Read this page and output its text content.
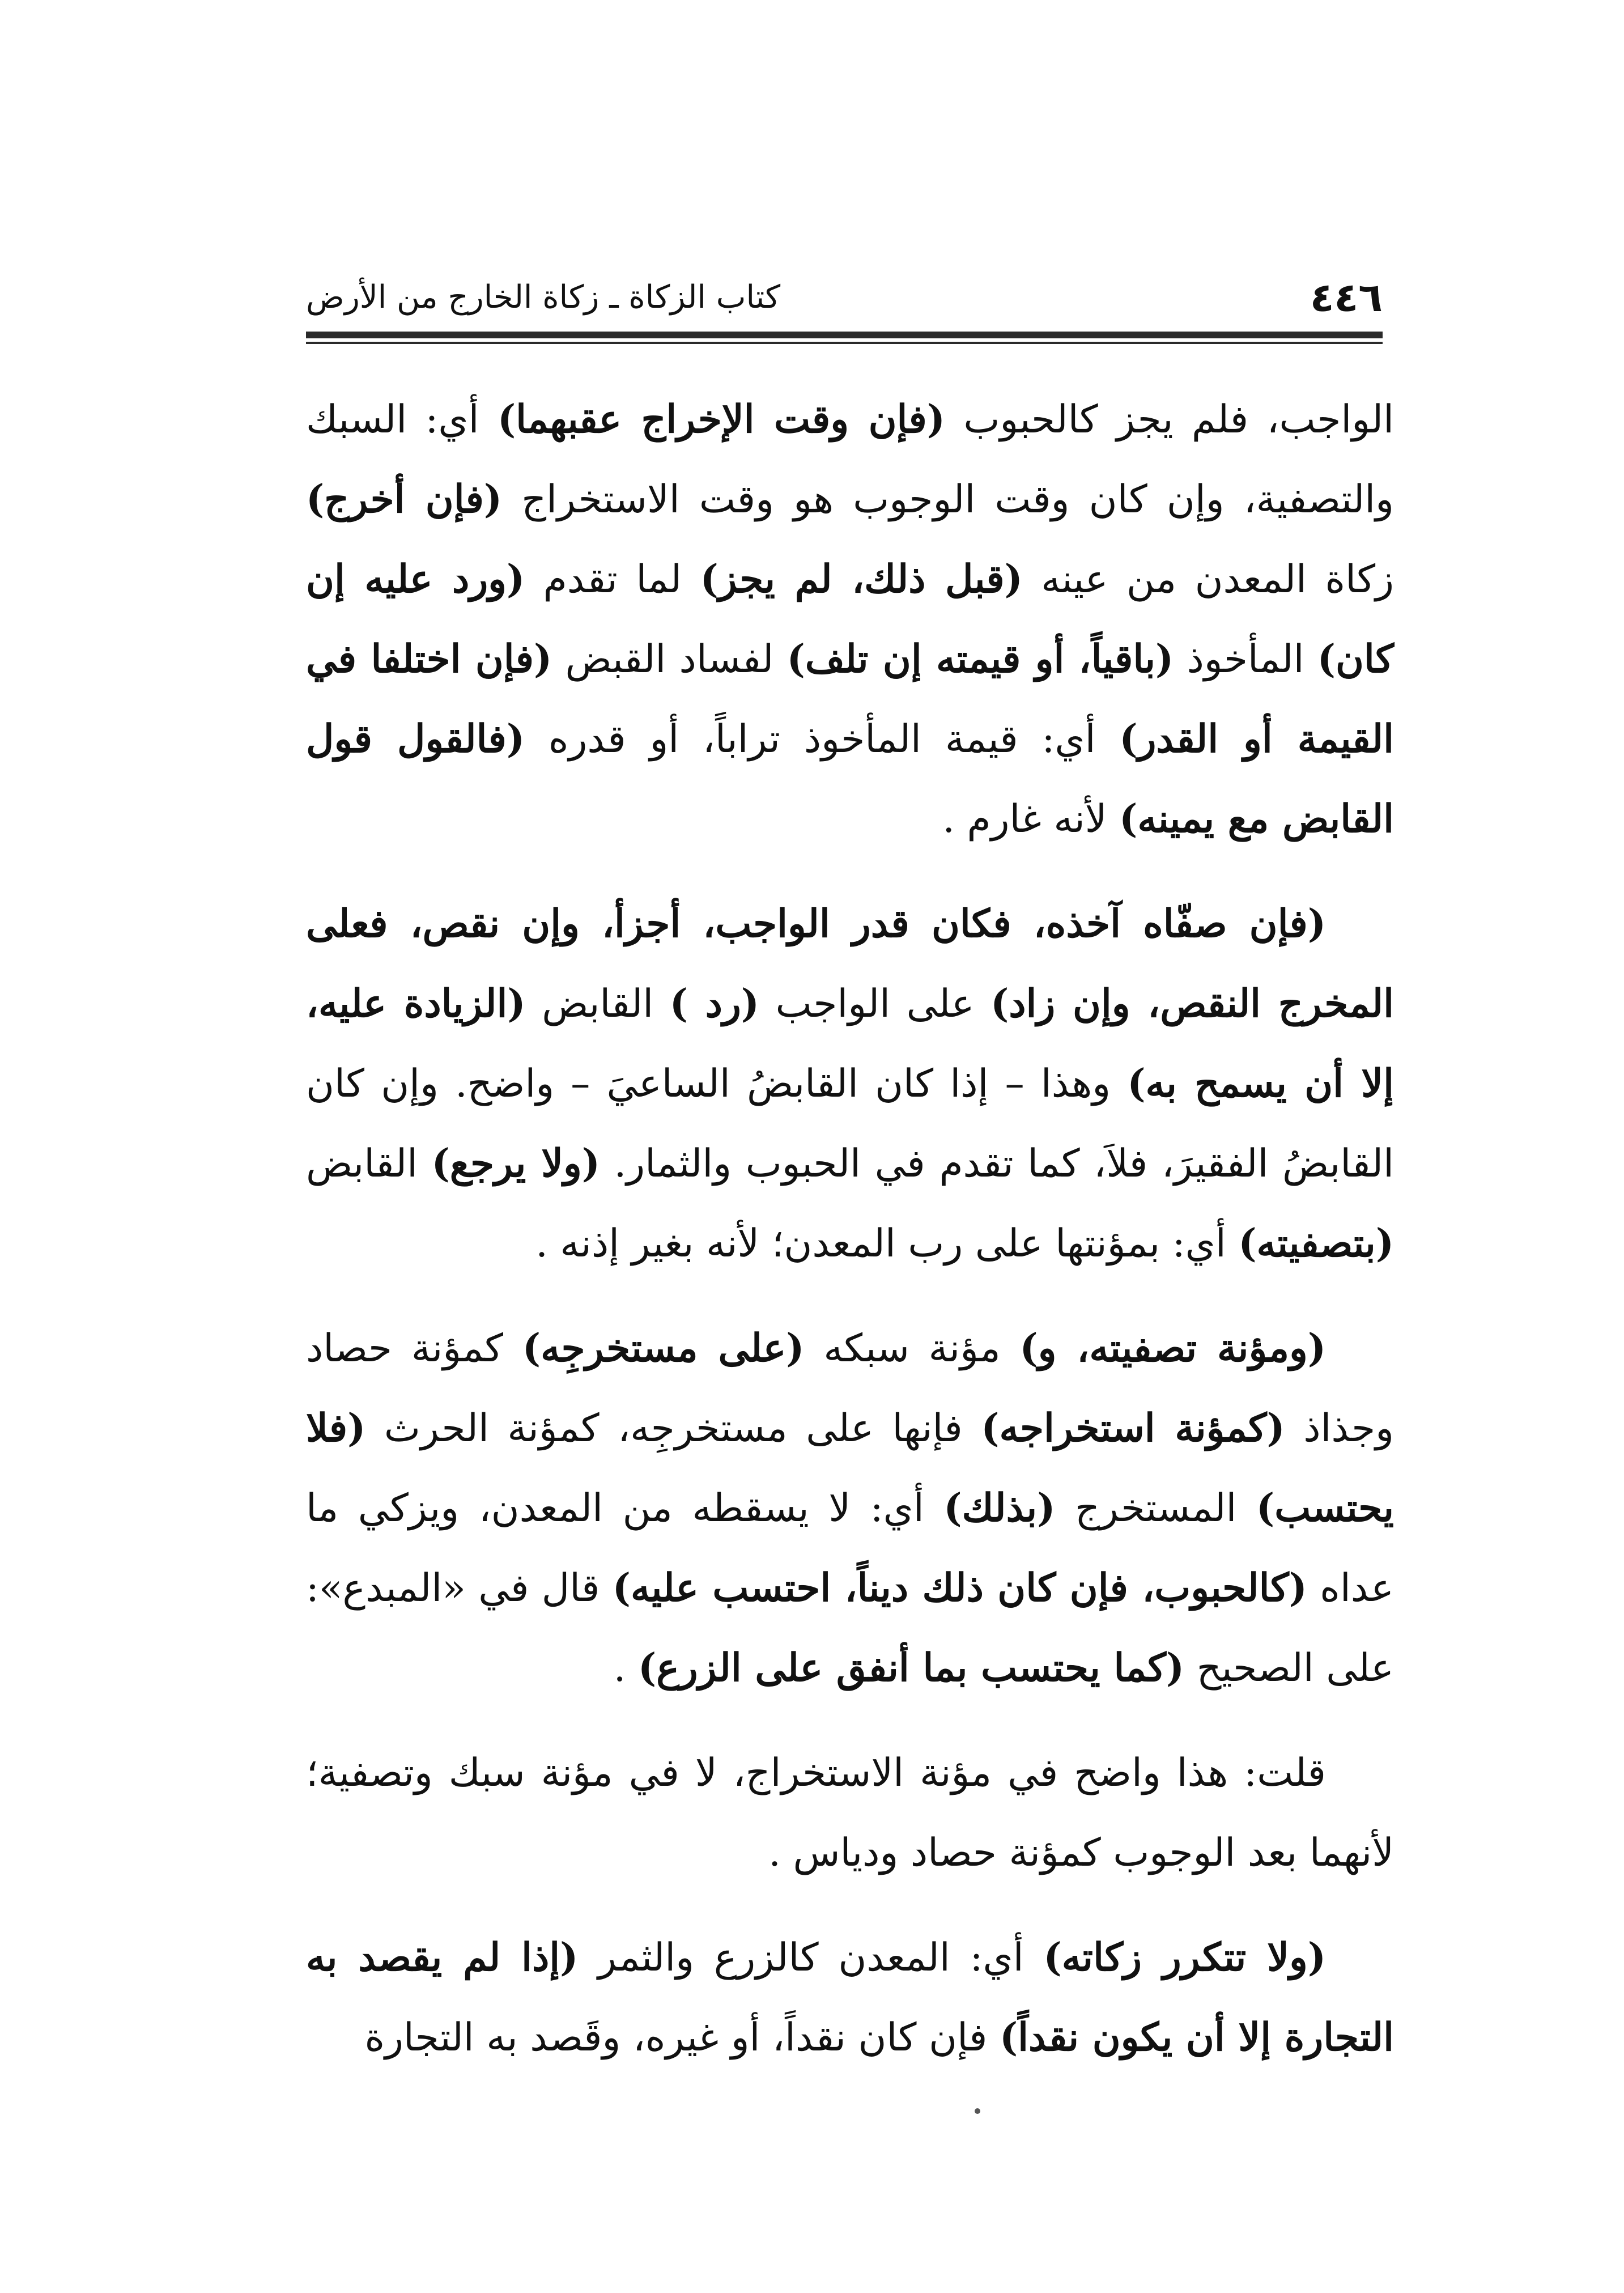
٤٤٦
كتاب الزكاة ـ زكاة الخارج من الأرض

الواجب، فلم يجز كالحبوب (فإن وقت الإخراج عقبهما) أي: السبك والتصفية، وإن كان وقت الوجوب هو وقت الاستخراج (فإن أخرج) زكاة المعدن من عينه (قبل ذلك، لم يجز) لما تقدم (ورد عليه إن كان) المأخوذ (باقياً، أو قيمته إن تلف) لفساد القبض (فإن اختلفا في القيمة أو القدر) أي: قيمة المأخوذ تراباً، أو قدره (فالقول قول القابض مع يمينه) لأنه غارم .

(فإن صفّاه آخذه، فكان قدر الواجب، أجزأ، وإن نقص، فعلى المخرج النقص، وإن زاد) على الواجب (رد ) القابض (الزيادة عليه، إلا أن يسمح به) وهذا – إذا كان القابضُ الساعيَ – واضح. وإن كان القابضُ الفقيرَ، فلاَ، كما تقدم في الحبوب والثمار. (ولا يرجع) القابض (بتصفيته) أي: بمؤنتها على رب المعدن؛ لأنه بغير إذنه .

(ومؤنة تصفيته، و) مؤنة سبكه (على مستخرجِه) كمؤنة حصاد وجذاذ (كمؤنة استخراجه) فإنها على مستخرجِه، كمؤنة الحرث (فلا يحتسب) المستخرج (بذلك) أي: لا يسقطه من المعدن، ويزكي ما عداه (كالحبوب، فإن كان ذلك ديناً، احتسب عليه) قال في «المبدع»: على الصحيح (كما يحتسب بما أنفق على الزرع) .

قلت: هذا واضح في مؤنة الاستخراج، لا في مؤنة سبك وتصفية؛ لأنهما بعد الوجوب كمؤنة حصاد ودياس .

(ولا تتكرر زكاته) أي: المعدن كالزرع والثمر (إذا لم يقصد به التجارة إلا أن يكون نقداً) فإن كان نقداً، أو غيره، وقَصد به التجارة
